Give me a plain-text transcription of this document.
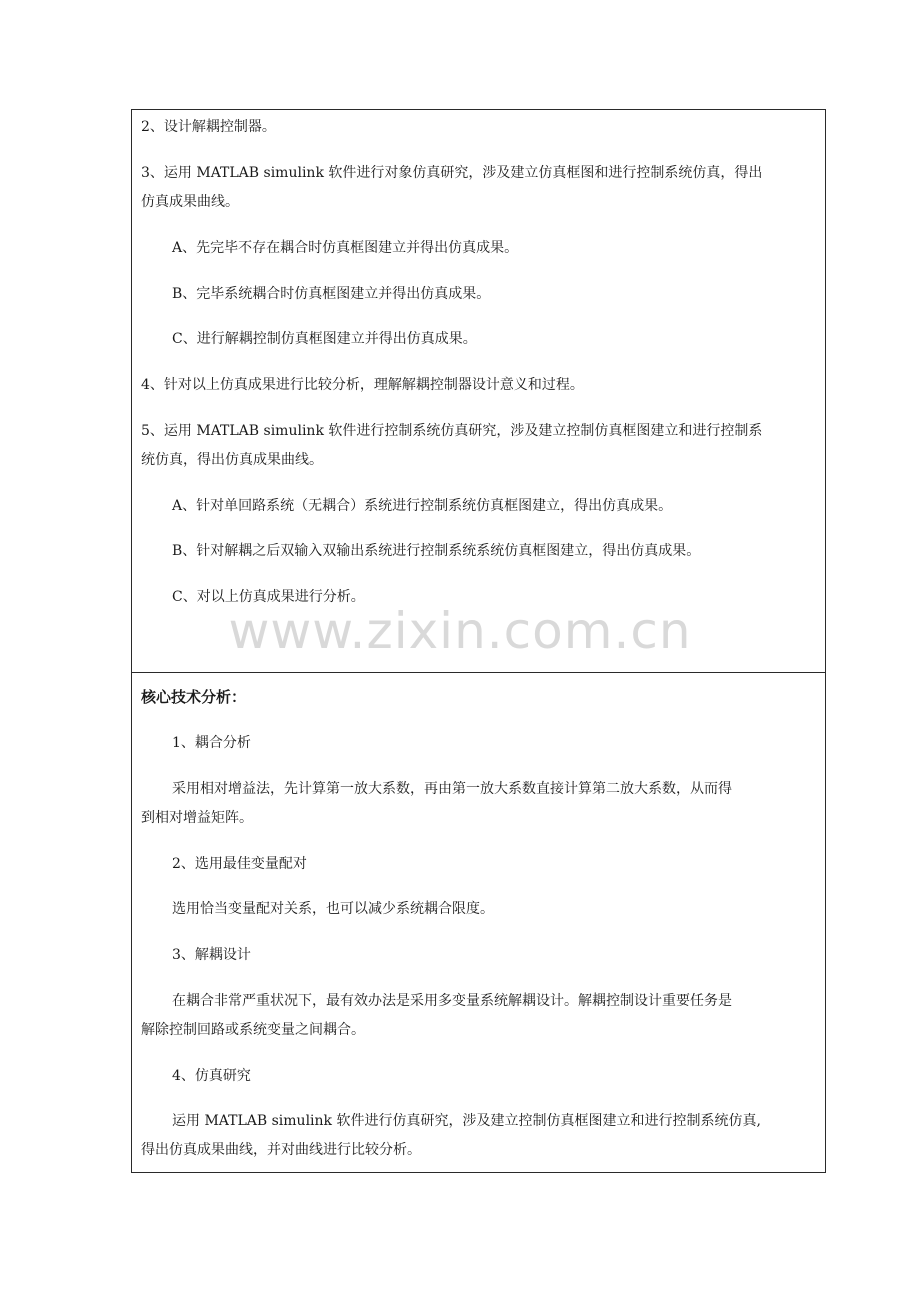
2、设计解耦控制器。
3、运用 MATLAB simulink 软件进行对象仿真研究，涉及建立仿真框图和进行控制系统仿真，得出
仿真成果曲线。
A、先完毕不存在耦合时仿真框图建立并得出仿真成果。
B、完毕系统耦合时仿真框图建立并得出仿真成果。
C、进行解耦控制仿真框图建立并得出仿真成果。
4、针对以上仿真成果进行比较分析，理解解耦控制器设计意义和过程。
5、运用 MATLAB simulink 软件进行控制系统仿真研究，涉及建立控制仿真框图建立和进行控制系
统仿真，得出仿真成果曲线。
A、针对单回路系统（无耦合）系统进行控制系统仿真框图建立，得出仿真成果。
B、针对解耦之后双输入双输出系统进行控制系统系统仿真框图建立，得出仿真成果。
C、对以上仿真成果进行分析。
核心技术分析：
1、耦合分析
采用相对增益法，先计算第一放大系数，再由第一放大系数直接计算第二放大系数，从而得
到相对增益矩阵。
2、选用最佳变量配对
选用恰当变量配对关系，也可以减少系统耦合限度。
3、解耦设计
在耦合非常严重状况下，最有效办法是采用多变量系统解耦设计。解耦控制设计重要任务是
解除控制回路或系统变量之间耦合。
4、仿真研究
运用 MATLAB simulink 软件进行仿真研究，涉及建立控制仿真框图建立和进行控制系统仿真,
得出仿真成果曲线，并对曲线进行比较分析。
www.zixin.com.cn
